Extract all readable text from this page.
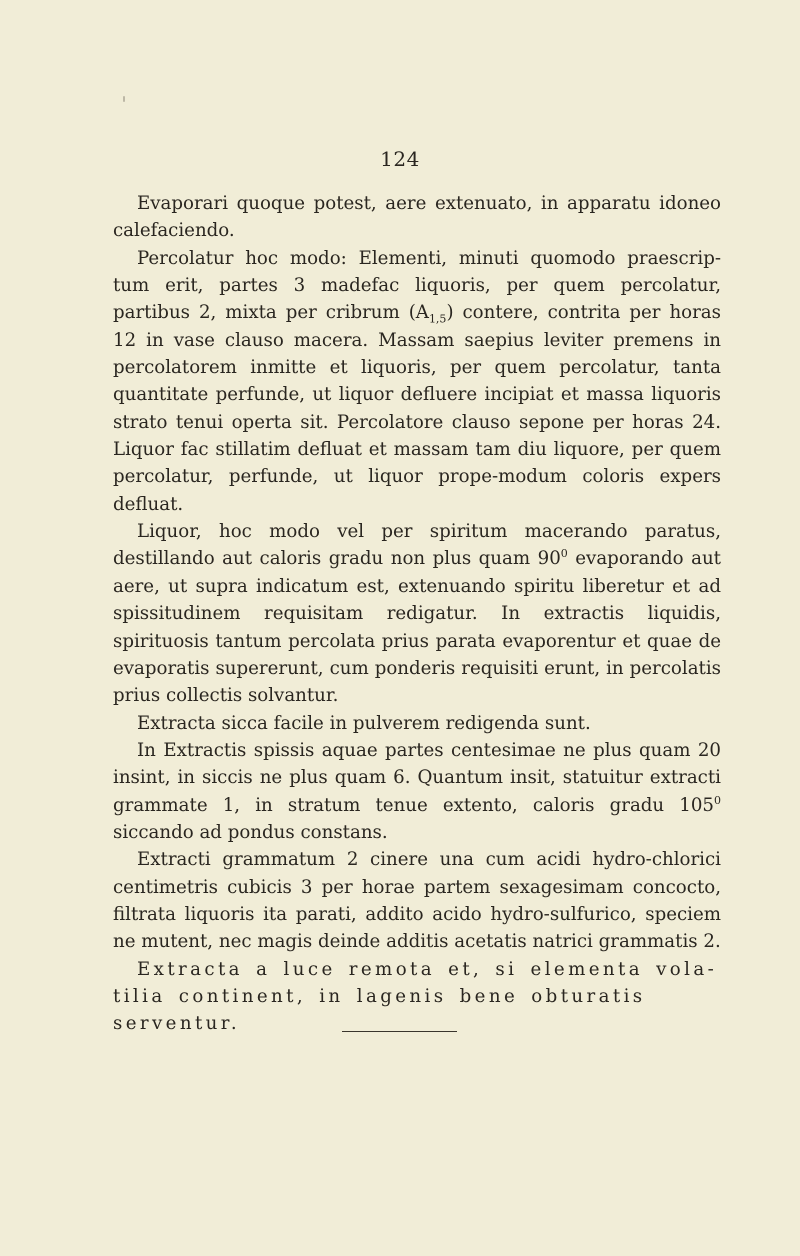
124

Evaporari quoque potest, aere extenuato, in apparatu idoneo calefaciendo.

Percolatur hoc modo: Elementi, minuti quomodo praescrip-tum erit, partes 3 madefac liquoris, per quem percolatur, partibus 2, mixta per cribrum $(A_{1,5})$ contere, contrita per horas 12 in vase clauso macera. Massam saepius leviter premens in percolatorem inmitte et liquoris, per quem percolatur, tanta quantitate perfunde, ut liquor defluere incipiat et massa liquoris strato tenui operta sit. Percolatore clauso sepone per horas 24. Liquor fac stillatim defluat et massam tam diu liquore, per quem percolatur, perfunde, ut liquor prope-modum coloris expers defluat.

Liquor, hoc modo vel per spiritum macerando paratus, destillando aut caloris gradu non plus quam $90^0$ evaporando aut aere, ut supra indicatum est, extenuando spiritu liberetur et ad spissitudinem requisitam redigatur. In extractis liquidis, spirituosis tantum percolata prius parata evaporentur et quae de evaporatis supererunt, cum ponderis requisiti erunt, in percolatis prius collectis solvantur.

Extracta sicca facile in pulverem redigenda sunt.

In Extractis spissis aquae partes centesimae ne plus quam 20 insint, in siccis ne plus quam 6. Quantum insit, statuitur extracti grammate 1, in stratum tenue extento, caloris gradu $105^0$ siccando ad pondus constans.

Extracti grammatum 2 cinere una cum acidi hydro-chlorici centimetris cubicis 3 per horae partem sexagesimam concocto, filtrata liquoris ita parati, addito acido hydro-sulfurico, speciem ne mutent, nec magis deinde additis acetatis natrici grammatis 2.

Extracta a luce remota et, si elementa vola-tilia continent, in lagenis bene obturatis serventur.
